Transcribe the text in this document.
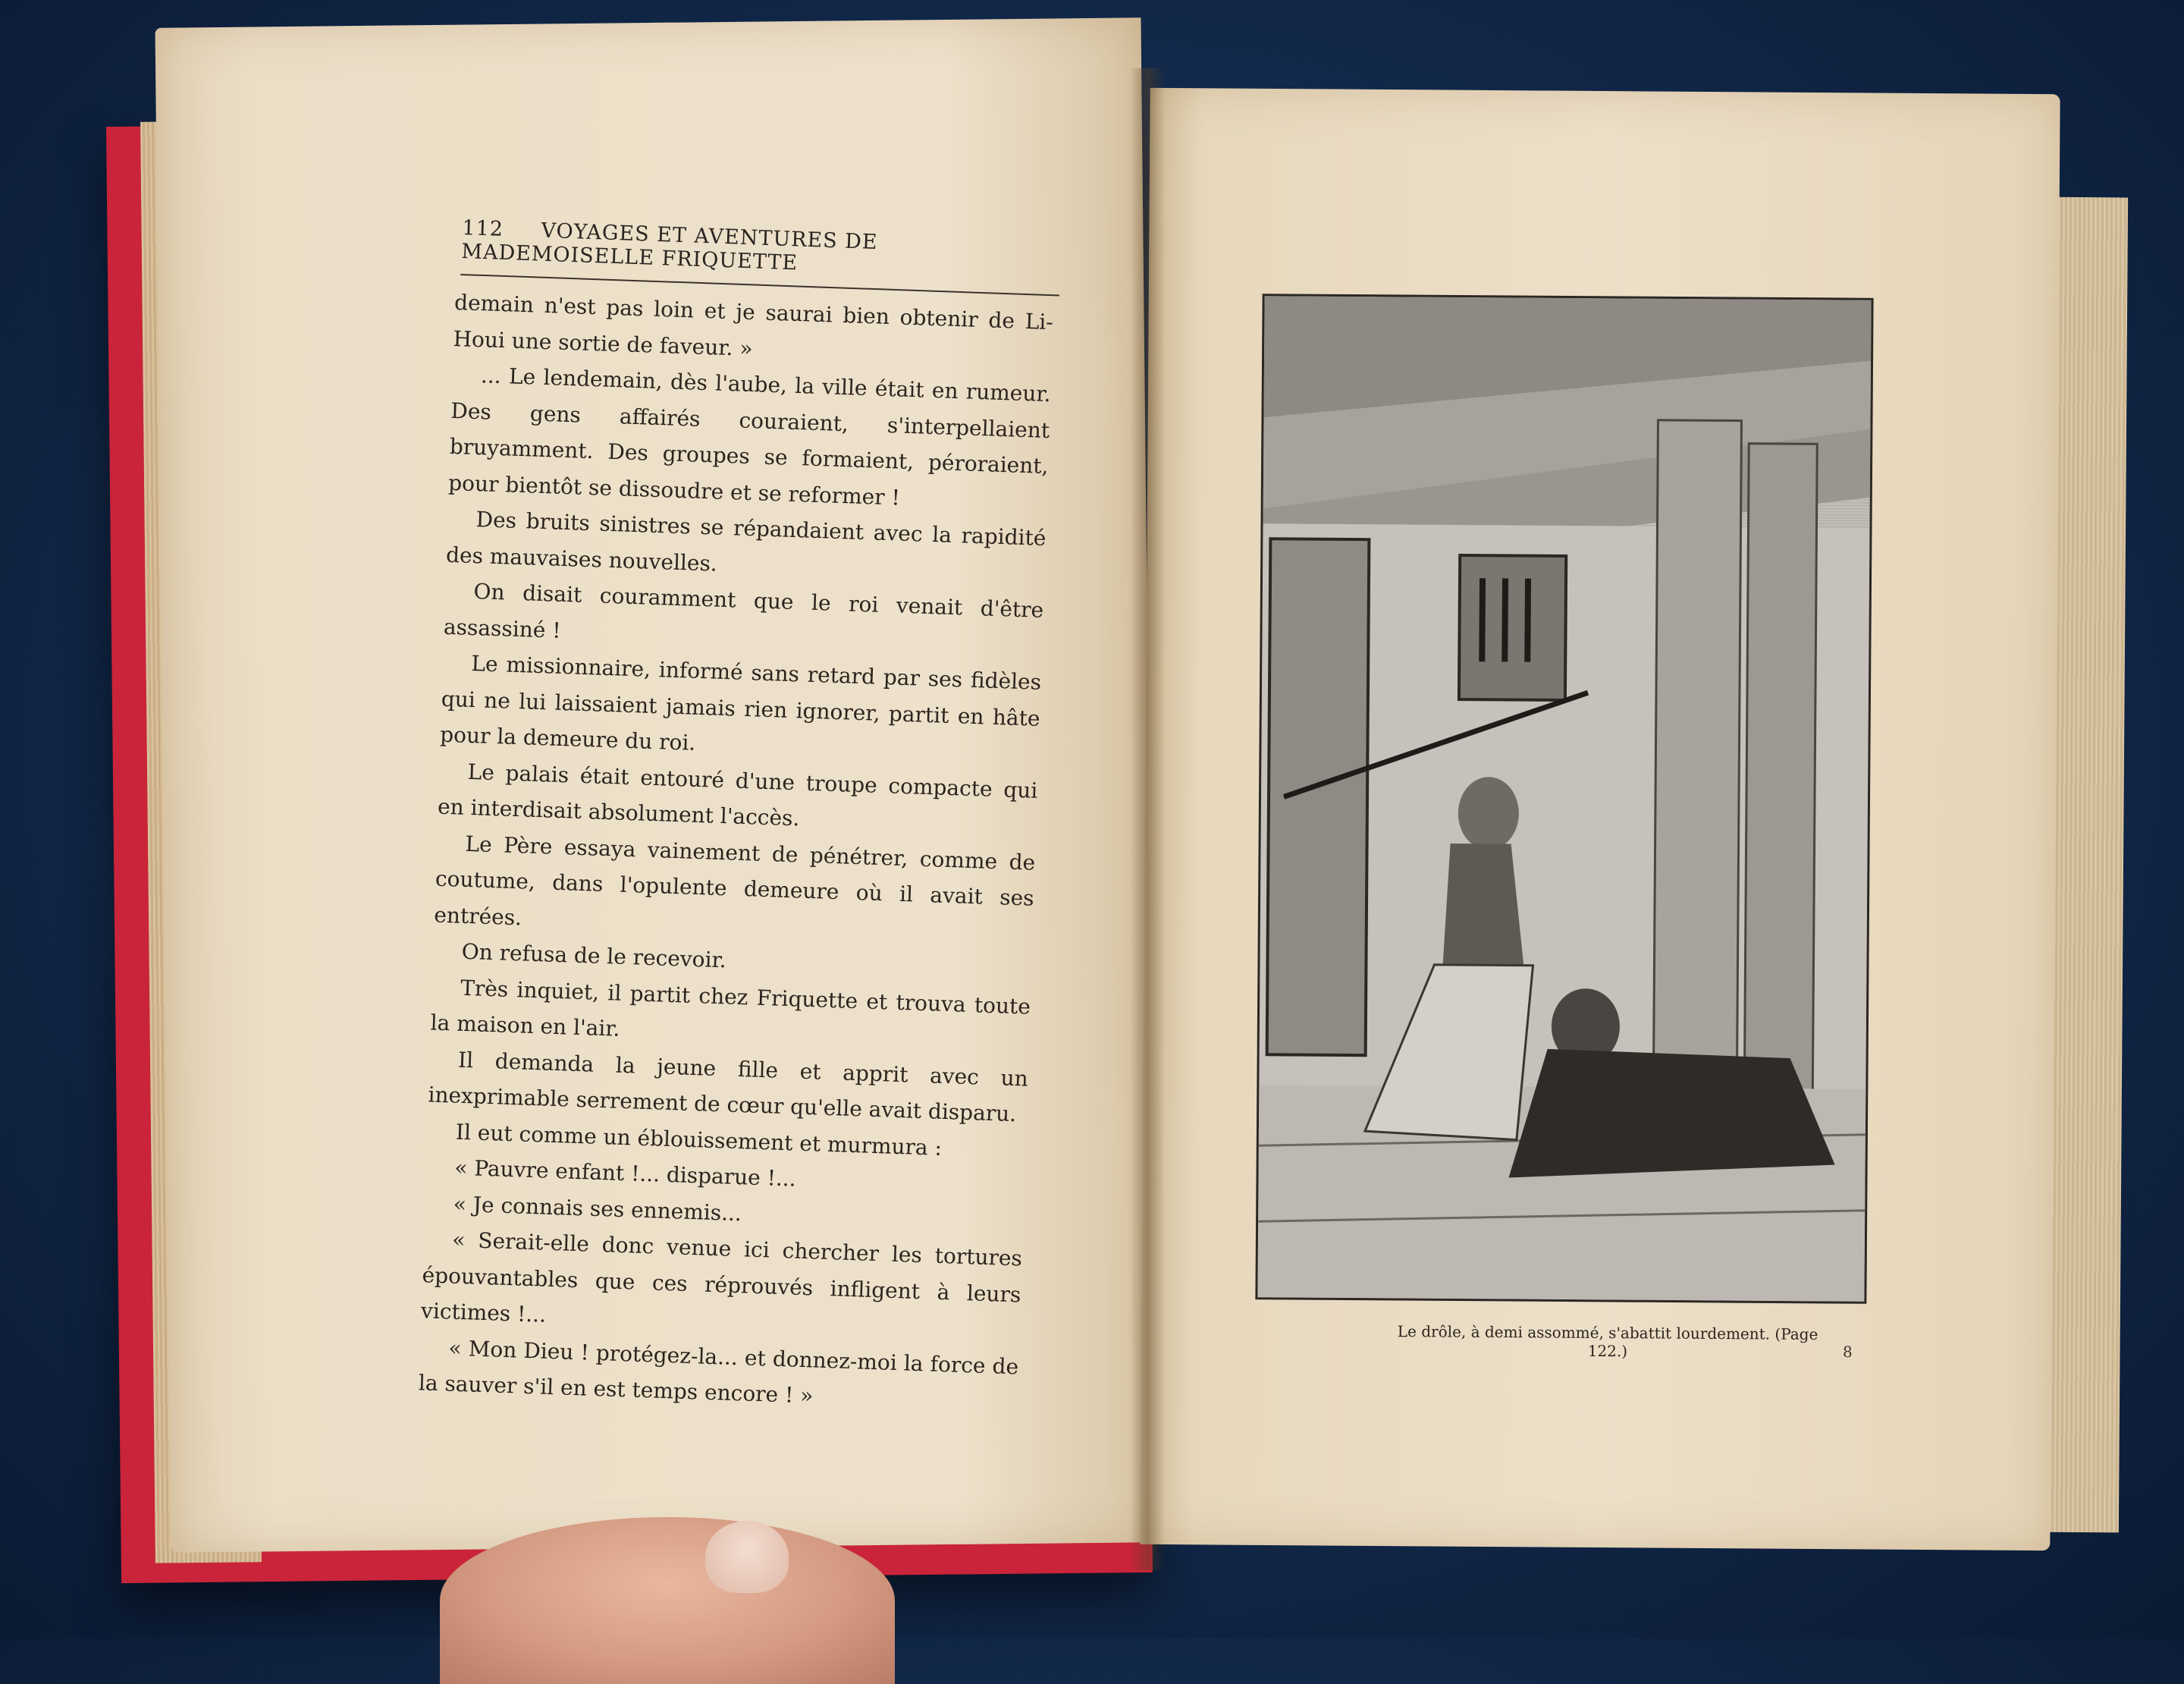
112 VOYAGES ET AVENTURES DE MADEMOISELLE FRIQUETTE

demain n'est pas loin et je saurai bien obtenir de Li-Houi une sortie de faveur. »

... Le lendemain, dès l'aube, la ville était en rumeur. Des gens affairés couraient, s'interpellaient bruyamment. Des groupes se formaient, péroraient, pour bientôt se dissoudre et se reformer !

Des bruits sinistres se répandaient avec la rapidité des mauvaises nouvelles.

On disait couramment que le roi venait d'être assassiné !

Le missionnaire, informé sans retard par ses fidèles qui ne lui laissaient jamais rien ignorer, partit en hâte pour la demeure du roi.

Le palais était entouré d'une troupe compacte qui en interdisait absolument l'accès.

Le Père essaya vainement de pénétrer, comme de coutume, dans l'opulente demeure où il avait ses entrées.

On refusa de le recevoir.

Très inquiet, il partit chez Friquette et trouva toute la maison en l'air.

Il demanda la jeune fille et apprit avec un inexprimable serrement de cœur qu'elle avait disparu.

Il eut comme un éblouissement et murmura :

« Pauvre enfant !... disparue !...

« Je connais ses ennemis...

« Serait-elle donc venue ici chercher les tortures épouvantables que ces réprouvés infligent à leurs victimes !...

« Mon Dieu ! protégez-la... et donnez-moi la force de la sauver s'il en est temps encore ! »

Le drôle, à demi assommé, s'abattit lourdement. (Page 122.)	8
